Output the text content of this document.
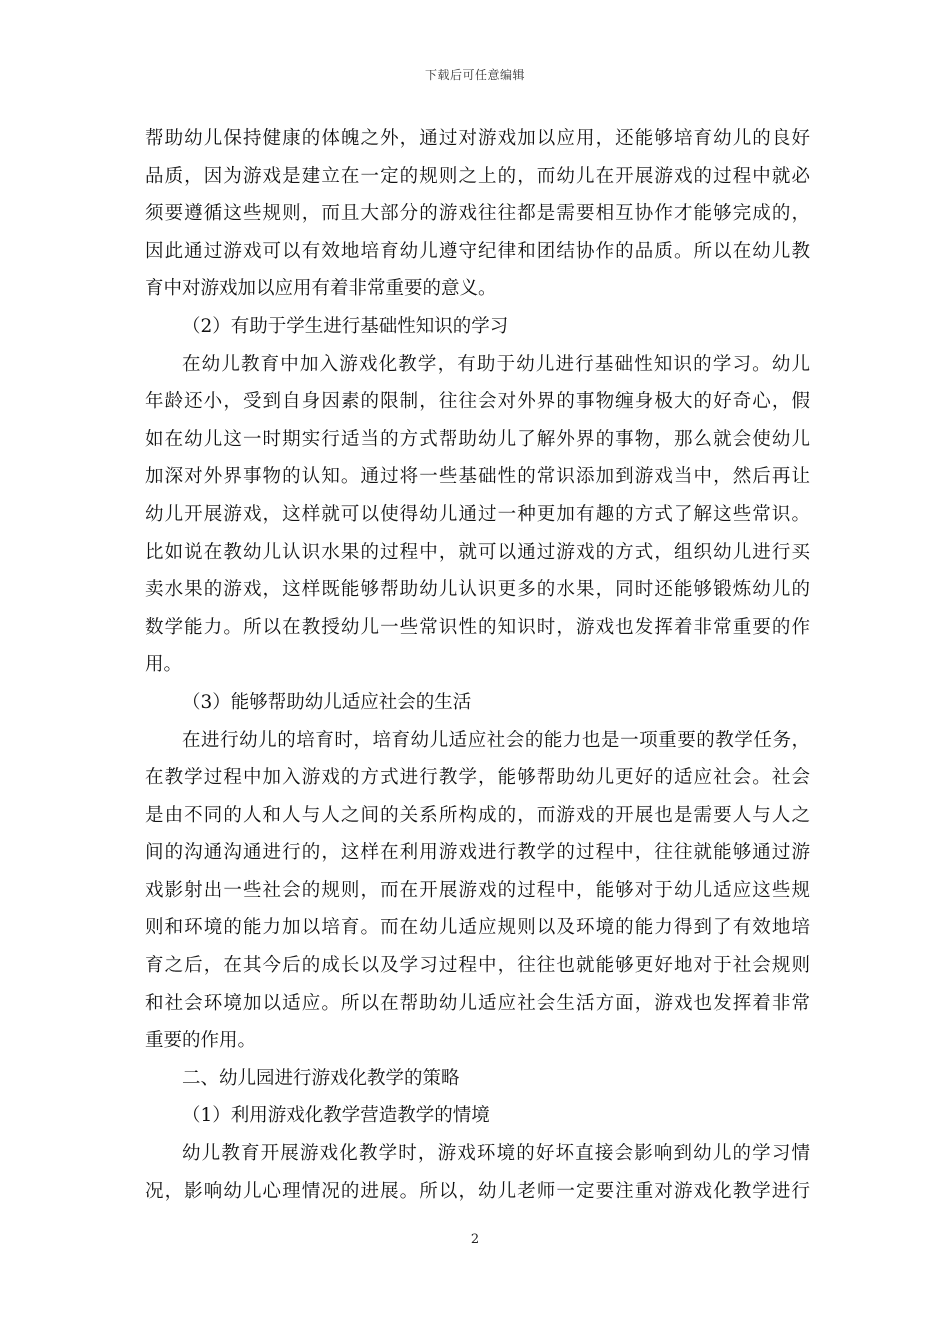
下载后可任意编辑
帮助幼儿保持健康的体魄之外，通过对游戏加以应用，还能够培育幼儿的良好
品质，因为游戏是建立在一定的规则之上的，而幼儿在开展游戏的过程中就必
须要遵循这些规则，而且大部分的游戏往往都是需要相互协作才能够完成的，
因此通过游戏可以有效地培育幼儿遵守纪律和团结协作的品质。所以在幼儿教
育中对游戏加以应用有着非常重要的意义。
（2）有助于学生进行基础性知识的学习
在幼儿教育中加入游戏化教学，有助于幼儿进行基础性知识的学习。幼儿
年龄还小，受到自身因素的限制，往往会对外界的事物缠身极大的好奇心，假
如在幼儿这一时期实行适当的方式帮助幼儿了解外界的事物，那么就会使幼儿
加深对外界事物的认知。通过将一些基础性的常识添加到游戏当中，然后再让
幼儿开展游戏，这样就可以使得幼儿通过一种更加有趣的方式了解这些常识。
比如说在教幼儿认识水果的过程中，就可以通过游戏的方式，组织幼儿进行买
卖水果的游戏，这样既能够帮助幼儿认识更多的水果，同时还能够锻炼幼儿的
数学能力。所以在教授幼儿一些常识性的知识时，游戏也发挥着非常重要的作
用。
（3）能够帮助幼儿适应社会的生活
在进行幼儿的培育时，培育幼儿适应社会的能力也是一项重要的教学任务，
在教学过程中加入游戏的方式进行教学，能够帮助幼儿更好的适应社会。社会
是由不同的人和人与人之间的关系所构成的，而游戏的开展也是需要人与人之
间的沟通沟通进行的，这样在利用游戏进行教学的过程中，往往就能够通过游
戏影射出一些社会的规则，而在开展游戏的过程中，能够对于幼儿适应这些规
则和环境的能力加以培育。而在幼儿适应规则以及环境的能力得到了有效地培
育之后，在其今后的成长以及学习过程中，往往也就能够更好地对于社会规则
和社会环境加以适应。所以在帮助幼儿适应社会生活方面，游戏也发挥着非常
重要的作用。
二、幼儿园进行游戏化教学的策略
（1）利用游戏化教学营造教学的情境
幼儿教育开展游戏化教学时，游戏环境的好坏直接会影响到幼儿的学习情
况，影响幼儿心理情况的进展。所以，幼儿老师一定要注重对游戏化教学进行
2
